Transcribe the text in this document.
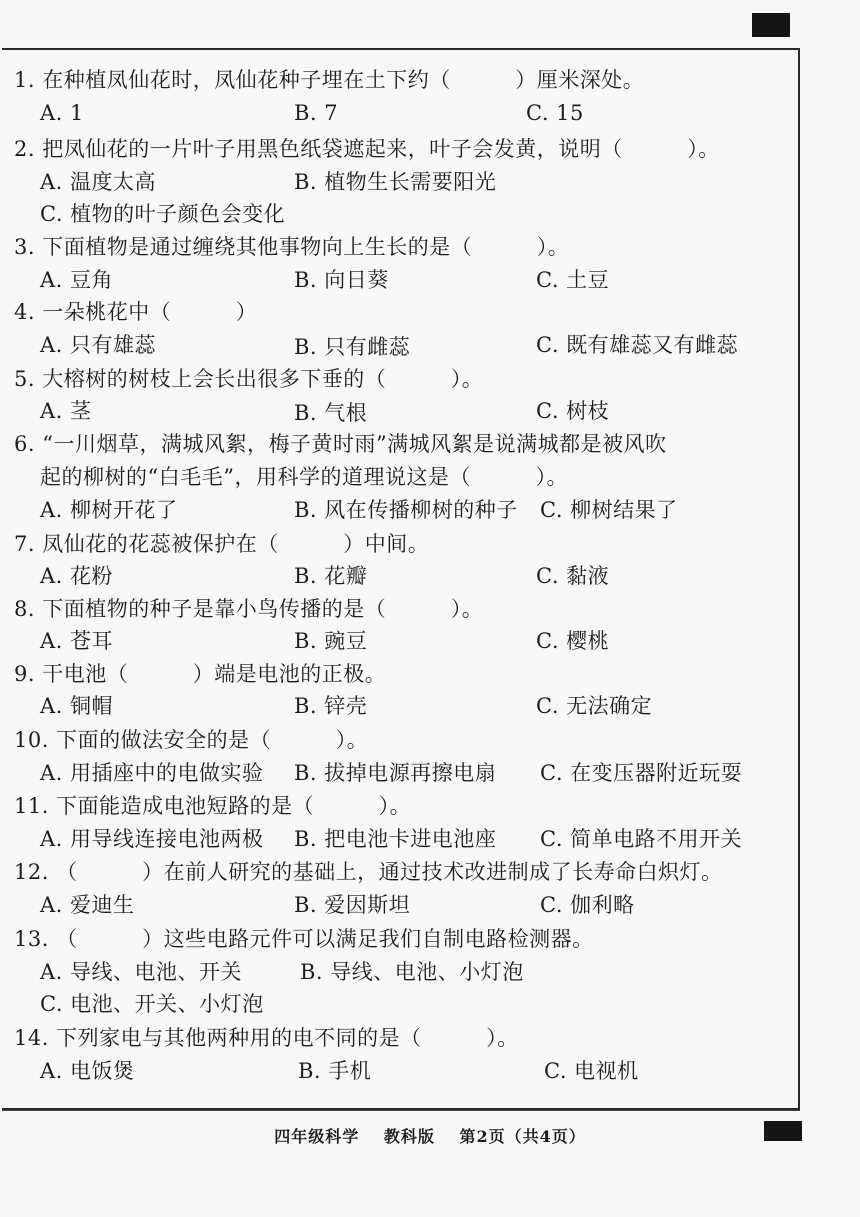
1. 在种植凤仙花时，凤仙花种子埋在土下约（　　　）厘米深处。
A. 1	B. 7	C. 15
2. 把凤仙花的一片叶子用黑色纸袋遮起来，叶子会发黄，说明（　　　）。
A. 温度太高	B. 植物生长需要阳光
C. 植物的叶子颜色会变化
3. 下面植物是通过缠绕其他事物向上生长的是（　　　）。
A. 豆角	B. 向日葵	C. 土豆
4. 一朵桃花中（　　　）
A. 只有雄蕊	B. 只有雌蕊	C. 既有雄蕊又有雌蕊
5. 大榕树的树枝上会长出很多下垂的（　　　）。
A. 茎	B. 气根	C. 树枝
6. “一川烟草，满城风絮，梅子黄时雨”满城风絮是说满城都是被风吹
起的柳树的“白毛毛”，用科学的道理说这是（　　　）。
A. 柳树开花了	B. 风在传播柳树的种子 C. 柳树结果了
7. 凤仙花的花蕊被保护在（　　　）中间。
A. 花粉	B. 花瓣	C. 黏液
8. 下面植物的种子是靠小鸟传播的是（　　　）。
A. 苍耳	B. 豌豆	C. 樱桃
9. 干电池（　　　）端是电池的正极。
A. 铜帽	B. 锌壳	C. 无法确定
10. 下面的做法安全的是（　　　）。
A. 用插座中的电做实验 B. 拔掉电源再擦电扇 C. 在变压器附近玩耍
11. 下面能造成电池短路的是（　　　）。
A. 用导线连接电池两极 B. 把电池卡进电池座 C. 简单电路不用开关
12. （　　　）在前人研究的基础上，通过技术改进制成了长寿命白炽灯。
A. 爱迪生	B. 爱因斯坦	C. 伽利略
13. （　　　）这些电路元件可以满足我们自制电路检测器。
A. 导线、电池、开关	B. 导线、电池、小灯泡
C. 电池、开关、小灯泡
14. 下列家电与其他两种用的电不同的是（　　　）。
A. 电饭煲	B. 手机	C. 电视机
四年级科学 教科版 第2页（共4页）
